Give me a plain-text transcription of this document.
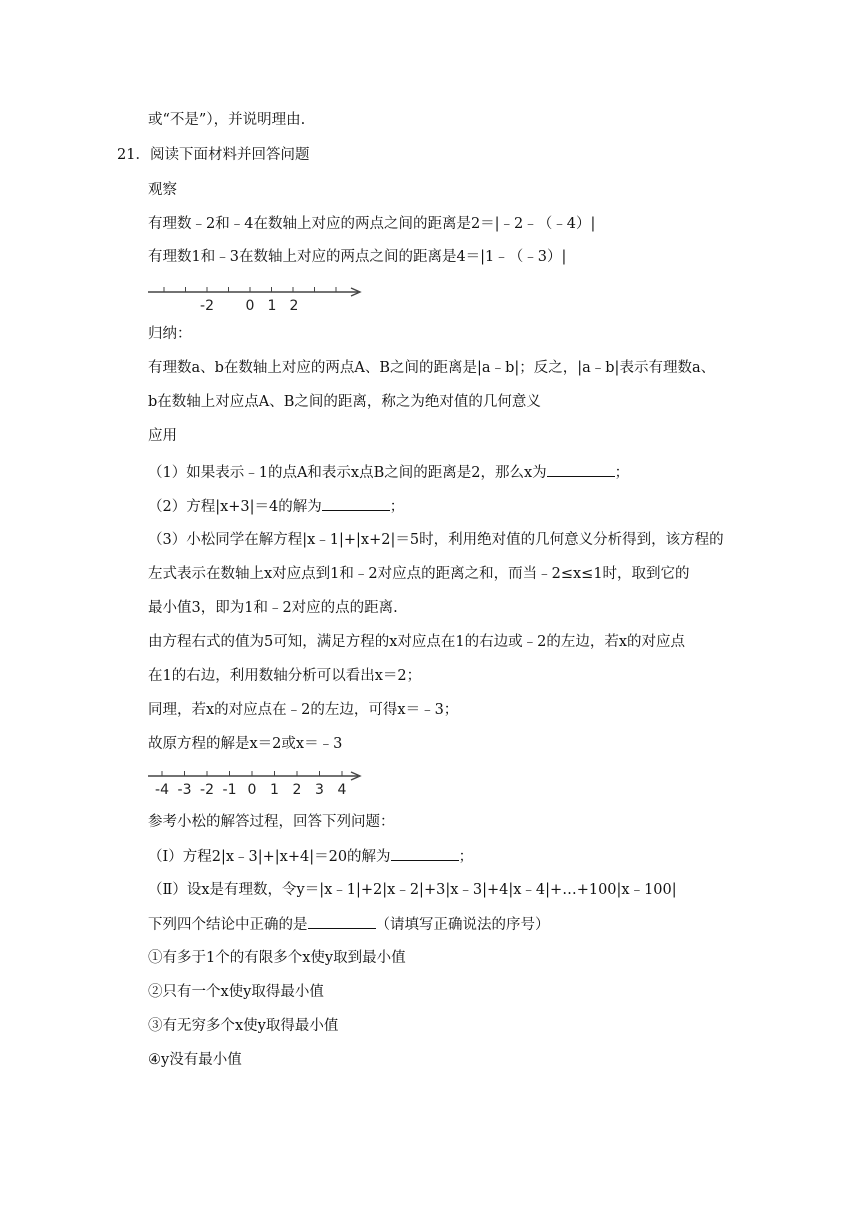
或“不是”），并说明理由.
21．阅读下面材料并回答问题
观察
有理数﹣2和﹣4在数轴上对应的两点之间的距离是2＝|﹣2﹣（﹣4）|
有理数1和﹣3在数轴上对应的两点之间的距离是4＝|1﹣（﹣3）|
-2 0 1 2
归纳：
有理数a、b在数轴上对应的两点A、B之间的距离是|a﹣b|；反之，|a﹣b|表示有理数a、
b在数轴上对应点A、B之间的距离，称之为绝对值的几何意义
应用
（1）如果表示﹣1的点A和表示x点B之间的距离是2，那么x为	；
（2）方程|x+3|＝4的解为	；
（3）小松同学在解方程|x﹣1|+|x+2|＝5时，利用绝对值的几何意义分析得到，该方程的
左式表示在数轴上x对应点到1和﹣2对应点的距离之和，而当﹣2≤x≤1时，取到它的
最小值3，即为1和﹣2对应的点的距离.
由方程右式的值为5可知，满足方程的x对应点在1的右边或﹣2的左边，若x的对应点
在1的右边，利用数轴分析可以看出x＝2；
同理，若x的对应点在﹣2的左边，可得x＝﹣3；
故原方程的解是x＝2或x＝﹣3
-4 -3 -2 -1 0 1 2 3 4
参考小松的解答过程，回答下列问题：
（Ⅰ）方程2|x﹣3|+|x+4|＝20的解为	；
（Ⅱ）设x是有理数，令y＝|x﹣1|+2|x﹣2|+3|x﹣3|+4|x﹣4|+…+100|x﹣100|
下列四个结论中正确的是	（请填写正确说法的序号）
①有多于1个的有限多个x使y取到最小值
②只有一个x使y取得最小值
③有无穷多个x使y取得最小值
④y没有最小值
